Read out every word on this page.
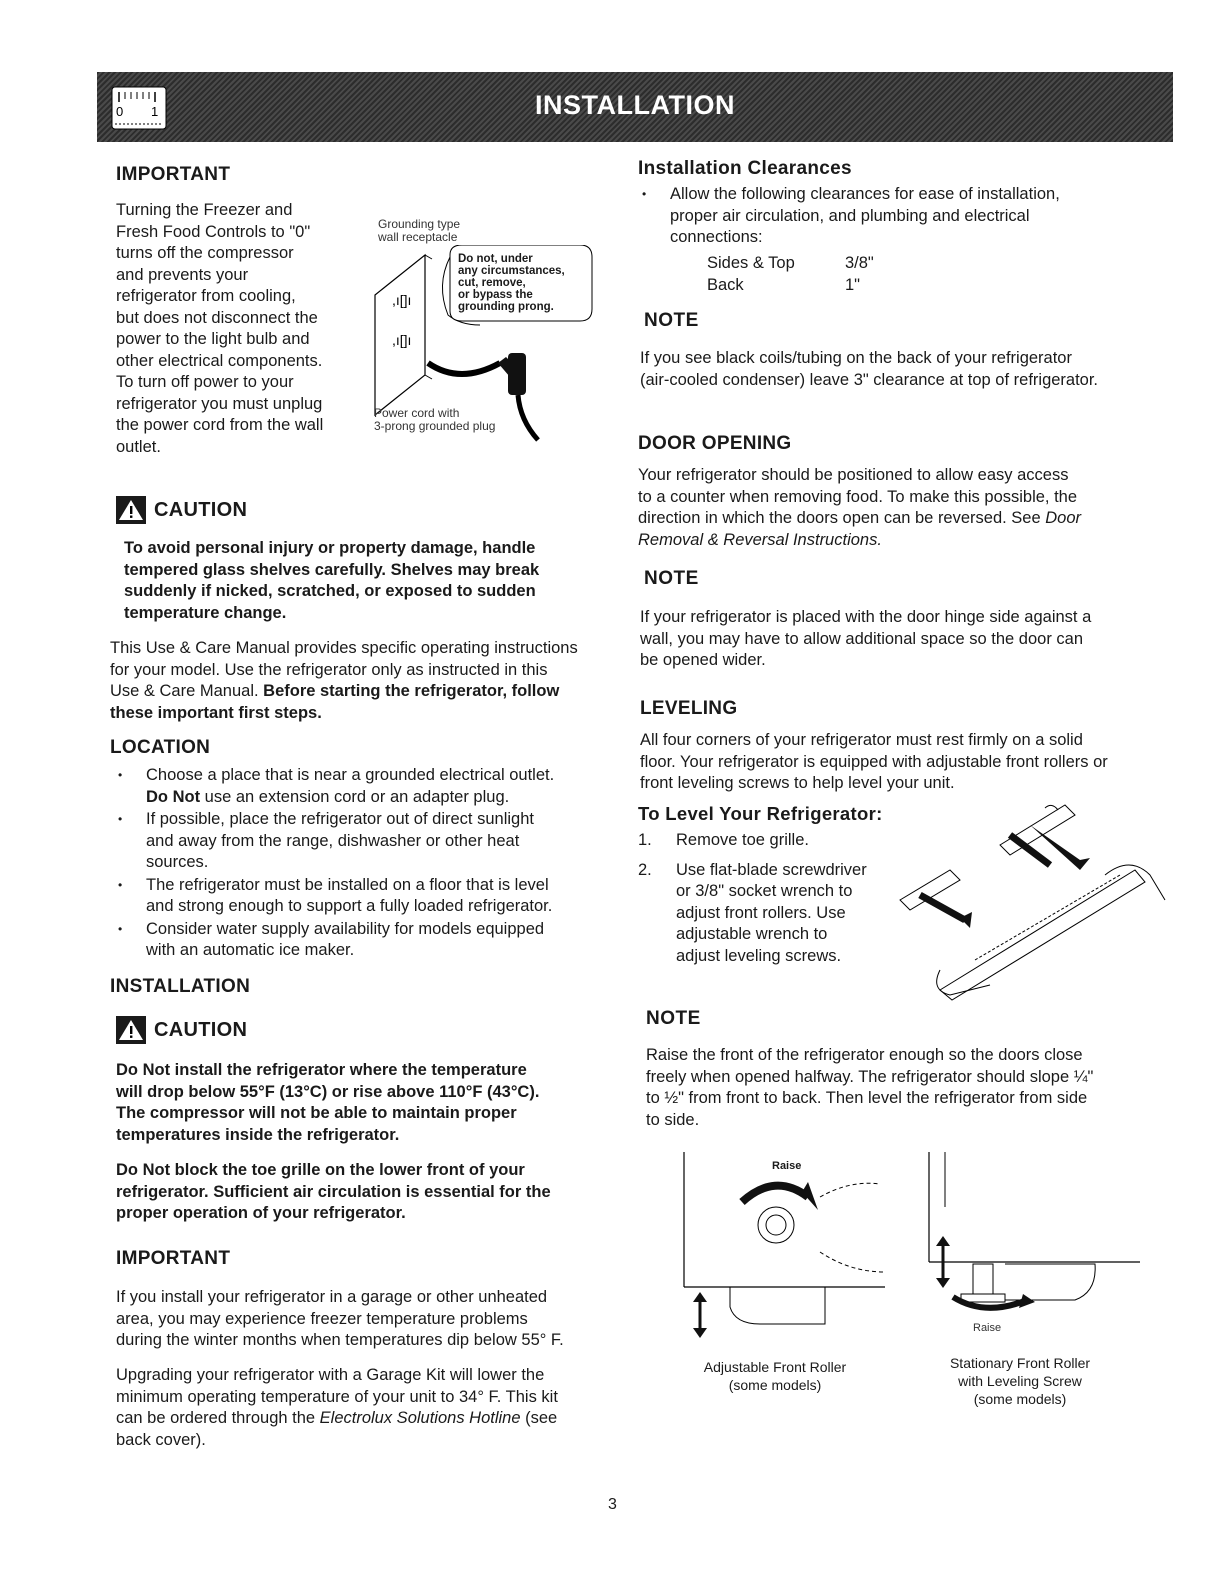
0 1	INSTALLATION
IMPORTANT
Turning the Freezer and
Fresh Food Controls to "0"
turns off the compressor
and prevents your
refrigerator from cooling,
but does not disconnect the
power to the light bulb and
other electrical components.
To turn off power to your
refrigerator you must unplug
the power cord from the wall
outlet.
Grounding type
wall receptacle
,ı[]ı
,ı[]ı
Do not, under
any circumstances,
cut, remove,
or bypass the
grounding prong.
Power cord with
3-prong grounded plug
CAUTION
To avoid personal injury or property damage, handle
tempered glass shelves carefully. Shelves may break
suddenly if nicked, scratched, or exposed to sudden
temperature change.
This Use & Care Manual provides specific operating instructions
for your model. Use the refrigerator only as instructed in this
Use & Care Manual. Before starting the refrigerator, follow
these important first steps.
LOCATION
• Choose a place that is near a grounded electrical outlet.
Do Not use an extension cord or an adapter plug.
• If possible, place the refrigerator out of direct sunlight
and away from the range, dishwasher or other heat
sources.
• The refrigerator must be installed on a floor that is level
and strong enough to support a fully loaded refrigerator.
• Consider water supply availability for models equipped
with an automatic ice maker.
INSTALLATION
CAUTION
Do Not install the refrigerator where the temperature
will drop below 55°F (13°C) or rise above 110°F (43°C).
The compressor will not be able to maintain proper
temperatures inside the refrigerator.
Do Not block the toe grille on the lower front of your
refrigerator. Sufficient air circulation is essential for the
proper operation of your refrigerator.
IMPORTANT
If you install your refrigerator in a garage or other unheated
area, you may experience freezer temperature problems
during the winter months when temperatures dip below 55° F.
Upgrading your refrigerator with a Garage Kit will lower the
minimum operating temperature of your unit to 34° F. This kit
can be ordered through the Electrolux Solutions Hotline (see
back cover).
Installation Clearances
• Allow the following clearances for ease of installation,
proper air circulation, and plumbing and electrical
connections:
Sides & Top	3/8"
Back	1"
NOTE
If you see black coils/tubing on the back of your refrigerator
(air-cooled condenser) leave 3" clearance at top of refrigerator.
DOOR OPENING
Your refrigerator should be positioned to allow easy access
to a counter when removing food. To make this possible, the
direction in which the doors open can be reversed. See Door
Removal & Reversal Instructions.
NOTE
If your refrigerator is placed with the door hinge side against a
wall, you may have to allow additional space so the door can
be opened wider.
LEVELING
All four corners of your refrigerator must rest firmly on a solid
floor. Your refrigerator is equipped with adjustable front rollers or
front leveling screws to help level your unit.
To Level Your Refrigerator:
1. Remove toe grille.
2. Use flat-blade screwdriver
or 3/8" socket wrench to
adjust front rollers. Use
adjustable wrench to
adjust leveling screws.
NOTE
Raise the front of the refrigerator enough so the doors close
freely when opened halfway. The refrigerator should slope ¼"
to ½" from front to back. Then level the refrigerator from side
to side.
Raise
Adjustable Front Roller
(some models)
Raise
Stationary Front Roller
with Leveling Screw
(some models)
3
